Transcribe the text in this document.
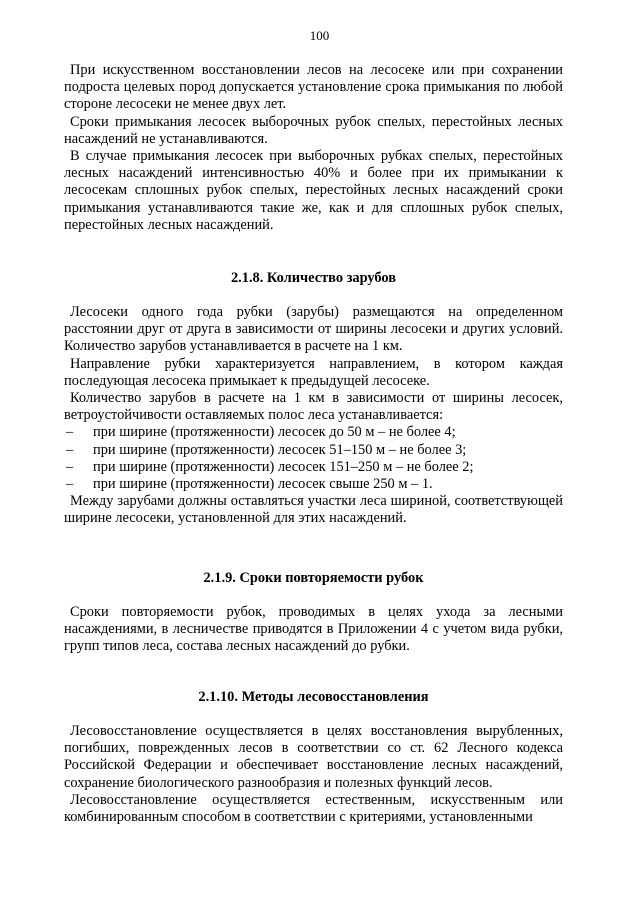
100

При искусственном восстановлении лесов на лесосеке или при сохранении подроста целевых пород допускается установление срока примыкания по любой стороне лесосеки не менее двух лет.

Сроки примыкания лесосек выборочных рубок спелых, перестойных лесных насаждений не устанавливаются.

В случае примыкания лесосек при выборочных рубках спелых, перестойных лесных насаждений интенсивностью 40% и более при их примыкании к лесосекам сплошных рубок спелых, перестойных лесных насаждений сроки примыкания устанавливаются такие же, как и для сплошных рубок спелых, перестойных лесных насаждений.

2.1.8. Количество зарубов

Лесосеки одного года рубки (зарубы) размещаются на определенном расстоянии друг от друга в зависимости от ширины лесосеки и других условий. Количество зарубов устанавливается в расчете на 1 км.

Направление рубки характеризуется направлением, в котором каждая последующая лесосека примыкает к предыдущей лесосеке.

Количество зарубов в расчете на 1 км в зависимости от ширины лесосек, ветроустойчивости оставляемых полос леса устанавливается:

– при ширине (протяженности) лесосек до 50 м – не более 4;
– при ширине (протяженности) лесосек 51–150 м – не более 3;
– при ширине (протяженности) лесосек 151–250 м – не более 2;
– при ширине (протяженности) лесосек свыше 250 м – 1.

Между зарубами должны оставляться участки леса шириной, соответствующей ширине лесосеки, установленной для этих насаждений.

2.1.9. Сроки повторяемости рубок

Сроки повторяемости рубок, проводимых в целях ухода за лесными насаждениями, в лесничестве приводятся в Приложении 4 с учетом вида рубки, групп типов леса, состава лесных насаждений до рубки.

2.1.10. Методы лесовосстановления

Лесовосстановление осуществляется в целях восстановления вырубленных, погибших, поврежденных лесов в соответствии со ст. 62 Лесного кодекса Российской Федерации и обеспечивает восстановление лесных насаждений, сохранение биологического разнообразия и полезных функций лесов.

Лесовосстановление осуществляется естественным, искусственным или комбинированным способом в соответствии с критериями, установленными
